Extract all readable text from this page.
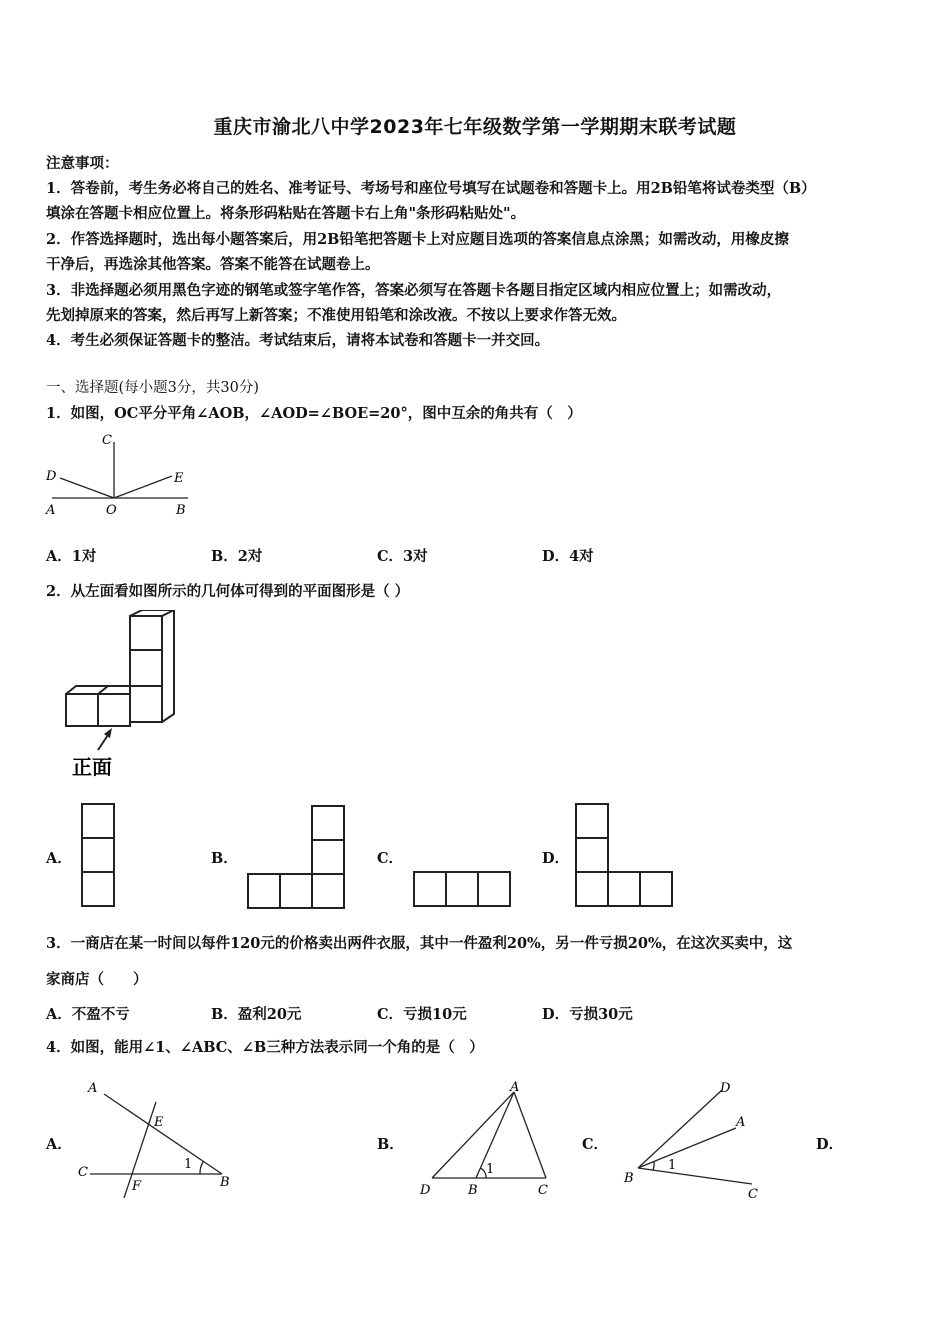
重庆市渝北八中学2023年七年级数学第一学期期末联考试题
注意事项：
1．答卷前，考生务必将自己的姓名、准考证号、考场号和座位号填写在试题卷和答题卡上。用2B铅笔将试卷类型（B）
填涂在答题卡相应位置上。将条形码粘贴在答题卡右上角"条形码粘贴处"。
2．作答选择题时，选出每小题答案后，用2B铅笔把答题卡上对应题目选项的答案信息点涂黑；如需改动，用橡皮擦
干净后，再选涂其他答案。答案不能答在试题卷上。
3．非选择题必须用黑色字迹的钢笔或签字笔作答，答案必须写在答题卡各题目指定区域内相应位置上；如需改动，
先划掉原来的答案，然后再写上新答案；不准使用铅笔和涂改液。不按以上要求作答无效。
4．考生必须保证答题卡的整洁。考试结束后，请将本试卷和答题卡一并交回。
一、选择题(每小题3分，共30分)
1．如图，OC平分平角∠AOB，∠AOD=∠BOE=20°，图中互余的角共有（　）
C
D	E
A	O	B
A．1对	B．2对	C．3对	D．4对
2．从左面看如图所示的几何体可得到的平面图形是（ ）
正面
A．	B．	C．	D．
3．一商店在某一时间以每件120元的价格卖出两件衣服，其中一件盈利20%，另一件亏损20%，在这次买卖中，这
家商店（　　）
A．不盈不亏	B．盈利20元	C．亏损10元	D．亏损30元
4．如图，能用∠1、∠ABC、∠B三种方法表示同一个角的是（　）
A．
A
E
C
F	B
1
B．
A
D	B	C
1
C．
D
A
B
C
1
D．
